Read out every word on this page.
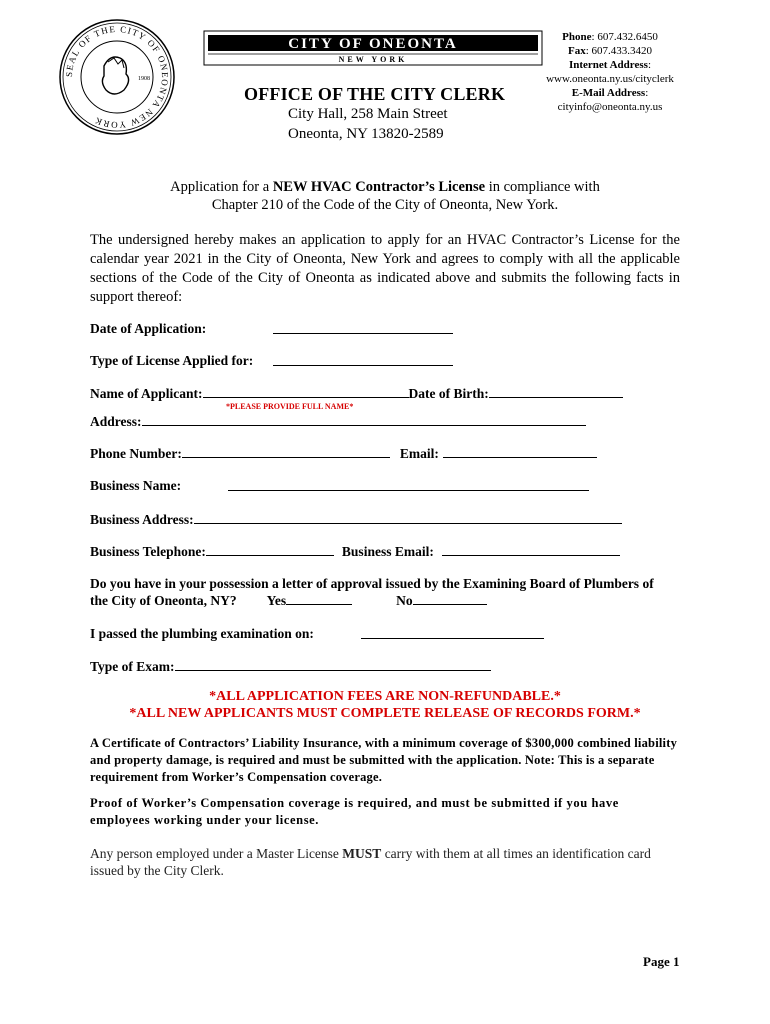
SEAL OF THE CITY OF ONEONTA NEW YORK
1908
CITY OF ONEONTA
NEW YORK
Phone: 607.432.6450
Fax: 607.433.3420
Internet Address:
www.oneonta.ny.us/cityclerk
E-Mail Address:
cityinfo@oneonta.ny.us
OFFICE OF THE CITY CLERK
City Hall, 258 Main Street
Oneonta, NY 13820-2589
Application for a NEW HVAC Contractor’s License in compliance with
Chapter 210 of the Code of the City of Oneonta, New York.
The undersigned hereby makes an application to apply for an HVAC Contractor’s License for the calendar year 2021 in the City of Oneonta, New York and agrees to comply with all the applicable sections of the Code of the City of Oneonta as indicated above and submits the following facts in support thereof:
Date of Application:
Type of License Applied for:
Name of Applicant:	Date of Birth:
*PLEASE PROVIDE FULL NAME*
Address:
Phone Number:	Email:
Business Name:
Business Address:
Business Telephone:	Business Email:
Do you have in your possession a letter of approval issued by the Examining Board of Plumbers of
the City of Oneonta, NY? Yes	No
I passed the plumbing examination on:
Type of Exam:
*ALL APPLICATION FEES ARE NON-REFUNDABLE.*
*ALL NEW APPLICANTS MUST COMPLETE RELEASE OF RECORDS FORM.*
A Certificate of Contractors’ Liability Insurance, with a minimum coverage of $300,000 combined liability and property damage, is required and must be submitted with the application. Note: This is a separate requirement from Worker’s Compensation coverage.
Proof of Worker’s Compensation coverage is required, and must be submitted if you have employees working under your license.
Any person employed under a Master License MUST carry with them at all times an identification card issued by the City Clerk.
Page 1
